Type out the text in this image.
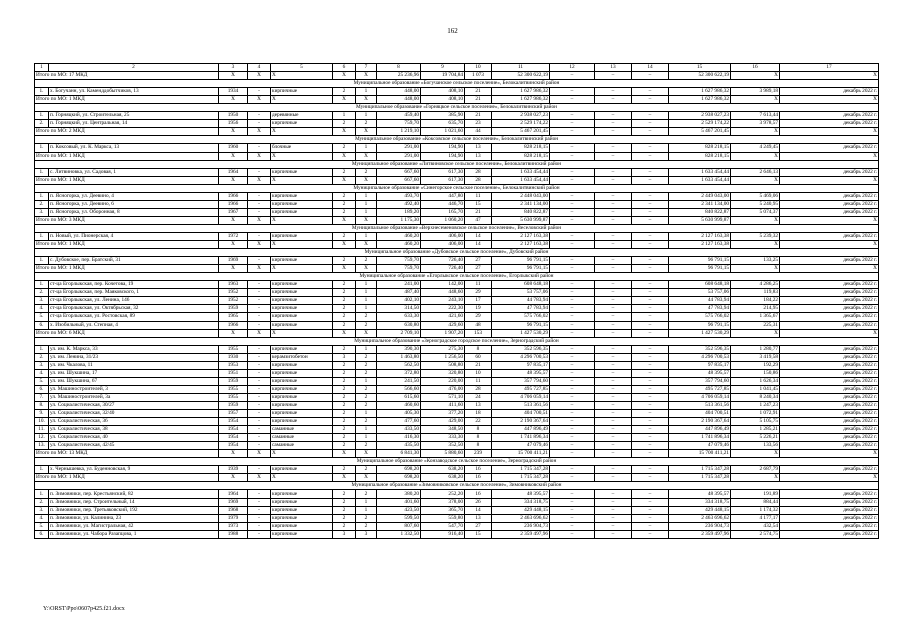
162
1	2	3	4	5	6	7	8	9	10	11	12	13	14	15	16	17
Итого по МО: 17 МКД		X	X	X	X	X	25 236,96	19 704,84	1 073	52 300 622,19	–	–	–	52 300 622,19	X	X
Муниципальное образование «Богучанское сельское поселение», Белокалитвинский район																
1.	х. Богучанн, ул. Каменддобытчиков, 13	1934	-	кирпичные	2	1	448,00	408,10	21	1 627 986,32	–	–	–	1 627 986,32	3 989,18	декабрь 2022 г.
Итого по МО: 1 МКД		X	X	X	X	X	448,00	408,10	21	1 627 986,32	–	–	–	1 627 986,32	X	X
Муниципальное образование «Горняцкое сельское поселение», Белокалитвинский район																
1.	п. Горняцкий, ул. Строительная, 25	1950	-	деревянные	1	1	459,40	385,90	21	2 938 027,23	–	–	–	2 938 027,23	7 613,44	декабрь 2022 г.
2.	п. Горняцкий, ул. Центральная, 14	1956	-	кирпичные	2	2	759,70	635,70	23	2 529 174,22	–	–	–	2 529 174,22	3 978,57	декабрь 2022 г.
Итого по МО: 2 МКД		X	X	X	X	X	1 219,10	1 021,60	44	5 467 201,45	–	–	–	5 467 201,45	X	X
Муниципальное образование «Коксовское сельское поселение», Белокалитвинский район																
1.	п. Коксовый, ул. К. Маркса, 13	1960	-	блочные	2	1	291,00	194,90	13	828 218,15	–	–	–	828 218,15	4 249,45	декабрь 2022 г.
Итого по МО: 1 МКД		X	X	X	X	X	291,00	194,90	13	828 218,15	–	–	–	828 218,15	X	X
Муниципальное образование «Литвиновское сельское поселение», Белокалитвинский район																
1.	с. Литвиновка, ул. Садовая, 1	1964	-	кирпичные	2	2	667,60	617,30	28	1 633 454,44	–	–	–	1 633 454,44	2 646,13	декабрь 2022 г.
Итого по МО: 1 МКД		X	X	X	X	X	667,60	617,30	28	1 633 454,44	–	–	–	1 633 454,44	X	X
Муниципальное образование «Синегорское сельское поселение», Белокалитвинский район																
1.	п. Ясногорка, ул. Деевино, 4	1966	-	кирпичные	2	1	493,70	447,80	11	2 448 043,00	–	–	–	2 449 043,00	5 469,06	декабрь 2022 г.
2.	п. Ясногорка, ул. Деевино, 6	1966	-	кирпичные	2	1	492,40	446,70	15	2 341 134,00	–	–	–	2 341 134,00	5 240,95	декабрь 2022 г.
3.	п. Ясногорка, ул. Оборонная, 8	1967	-	кирпичные	2	1	189,20	165,70	21	840 822,87	–	–	–	840 822,87	5 074,37	декабрь 2022 г.
Итого по МО: 3 МКД		X	X	X	X	X	1 175,30	1 060,20	47	5 630 999,87	–	–	–	5 630 999,87	X	X
Муниципальное образование «Верхнесеменовское сельское поселение», Веселовский район																
1.	п. Новый, ул. Пионерская, 4	1972	-	кирпичные	2	1	460,20	406,00	14	2 127 163,38	–	–	–	2 127 163,38	5 239,32	декабрь 2022 г.
Итого по МО: 1 МКД		X	X	X	X	X	460,20	406,00	14	2 127 163,38	–	–	–	2 127 163,38	X	X
Муниципальное образование «Дубовское сельское поселение», Дубовский район																
1.	с. Дубовское, пер. Братский, 31	1969	-	кирпичные	2	2	759,70	726,40	27	96 791,15	–	–	–	96 791,15	133,25	декабрь 2022 г.
Итого по МО: 1 МКД		X	X	X	X	X	759,70	726,40	27	96 791,15	–	–	–	96 791,15	X	X
Муниципальное образование «Егорлыкское сельское поселение», Егорлыкский район																
1.	ст-ца Егорлыкская, пер. Кочетова, 19	1963	-	кирпичные	2	1	241,00	142,00	11	608 648,18	–	–	–	608 648,18	4 286,25	декабрь 2022 г.
2.	ст-ца Егорлыкская, пер. Маяковского, 1	1952	-	кирпичные	2	1	487,40	448,60	29	53 757,06	–	–	–	53 757,06	119,83	декабрь 2022 г.
3.	ст-ца Егорлыкская, ул. Ленина, 146	1952	-	кирпичные	2	1	402,10	243,10	17	44 783,94	–	–	–	44 783,94	184,22	декабрь 2022 г.
4.	ст-ца Егорлыкская, ул. Октябрьская, 32	1959	-	кирпичные	2	1	314,50	222,30	19	47 783,94	–	–	–	47 783,94	214,95	декабрь 2022 г.
5.	ст-ца Егорлыкская, ул. Ростовская, 89	1965	-	кирпичные	2	2	633,30	421,60	29	575 766,02	–	–	–	575 766,02	1 365,67	декабрь 2022 г.
6.	х. Изобильный, ул. Степная, 4	1966	-	кирпичные	2	2	630,80	429,60	48	96 791,15	–	–	–	96 791,15	225,31	декабрь 2022 г.
Итого по МО: 6 МКД		X	X	X	X	X	2 709,10	1 907,20	153	1 427 530,29	–	–	–	1 427 530,29	X	X
Муниципальное образование «Зерноградское городское поселение», Зерноградский район																
1.	ул. им. К. Маркса, 33	1955	-	кирпичные	2	1	390,30	275,30	8	352 596,35	–	–	–	352 596,35	1 280,77	декабрь 2022 г.
2.	ул. им. Ленина, 31/23	1930	-	керамзитобетон	3	2	1 463,80	1 256,50	60	4 296 700,53	–	–	–	4 296 700,53	3 419,58	декабрь 2022 г.
3.	ул. им. Чкалова, 11	1953	-	кирпичные	2	2	562,50	508,80	21	97 835,17	–	–	–	97 835,17	192,29	декабрь 2022 г.
4.	ул. им. Шукшина, 17	1951	-	кирпичные	2	2	372,80	320,80	10	48 395,57	–	–	–	48 395,57	150,86	декабрь 2022 г.
5.	ул. им. Шукшина, 67	1959	-	кирпичные	2	1	241,50	220,00	11	357 794,60	–	–	–	357 794,60	1 626,34	декабрь 2022 г.
6.	ул. Машиностроителей, 3	1955	-	кирпичные	2	2	566,60	476,00	28	495 727,85	–	–	–	495 727,85	1 041,45	декабрь 2022 г.
7.	ул. Машиностроителей, 3а	1955	-	кирпичные	2	2	615,60	571,10	24	4 706 059,14	–	–	–	4 706 059,14	8 240,34	декабрь 2022 г.
8.	ул. Социалистическая, 30/27	1959	-	кирпичные	2	2	460,60	411,60	13	513 361,56	–	–	–	513 361,56	1 247,23	декабрь 2022 г.
9.	ул. Социалистическая, 32/40	1957	-	кирпичные	2	1	405,30	377,20	18	404 700,51	–	–	–	404 700,51	1 072,91	декабрь 2022 г.
10.	ул. Социалистическая, 36	1954	-	кирпичные	2	2	477,60	429,00	22	2 190 367,64	–	–	–	2 190 367,64	5 105,75	декабрь 2022 г.
11.	ул. Социалистическая, 38	1954	-	саманные	2	1	433,50	348,50	8	447 896,49	–	–	–	447 896,49	1 285,21	декабрь 2022 г.
12.	ул. Социалистическая, 40	1954	-	саманные	2	1	416,30	333,30	8	1 741 896,34	–	–	–	1 741 896,34	5 226,21	декабрь 2022 г.
13.	ул. Социалистическая, 42/45	1954	-	саманные	2	2	435,50	352,50	8	47 079,46	–	–	–	47 079,46	133,56	декабрь 2022 г.
Итого по МО: 13 МКД		X	X	X	X	X	6 841,30	5 880,60	239	15 700 411,21	–	–	–	15 700 411,21	X	X
Муниципальное образование «Конзаводское сельское поселение», Зерноградский район																
1.	х. Чернышевка, ул. Буденновская, 9	1939	-	кирпичные	2	2	698,20	638,20	16	1 715 347,28	–	–	–	1 715 347,28	2 687,79	декабрь 2022 г.
Итого по МО: 1 МКД		X	X	X	X	X	698,20	638,20	16	1 715 347,28	–	–	–	1 715 347,28	X	X
Муниципальное образование «Зимовниковское сельское поселение», Зимовниковский район																
1.	п. Зимовники, пер. Крестьянский, 82	1964	-	кирпичные	2	2	380,20	252,20	16	48 395,57	–	–	–	48 395,57	191,89	декабрь 2022 г.
2.	п. Зимовники, пер. Строительный, 14	1969	-	кирпичные	2	1	401,60	378,00	26	334 318,75	–	–	–	334 318,75	884,44	декабрь 2022 г.
3.	п. Зимовники, пер. Третьяковский, 192	1968	-	кирпичные	2	1	423,50	365,70	14	429 448,15	–	–	–	429 448,15	1 174,32	декабрь 2022 г.
4.	п. Зимовники, ул. Калинина, 23	1979	-	кирпичные	2	2	599,50	559,80	13	2 463 696,62	–	–	–	2 463 696,62	4 177,17	декабрь 2022 г.
5.	п. Зимовники, ул. Магистральная, 42	1973	-	кирпичные	2	2	807,60	547,70	27	236 904,73	–	–	–	236 904,73	432,54	декабрь 2022 г.
6.	п. Зимовники, ул. Чабора Разапцова, 1	1988	-	кирпичные	3	3	1 332,50	916,40	15	2 359 497,96	–	–	–	2 359 497,96	2 574,75	декабрь 2022 г.
Y:\ORST\Ppo\0607p425.f21.docx
